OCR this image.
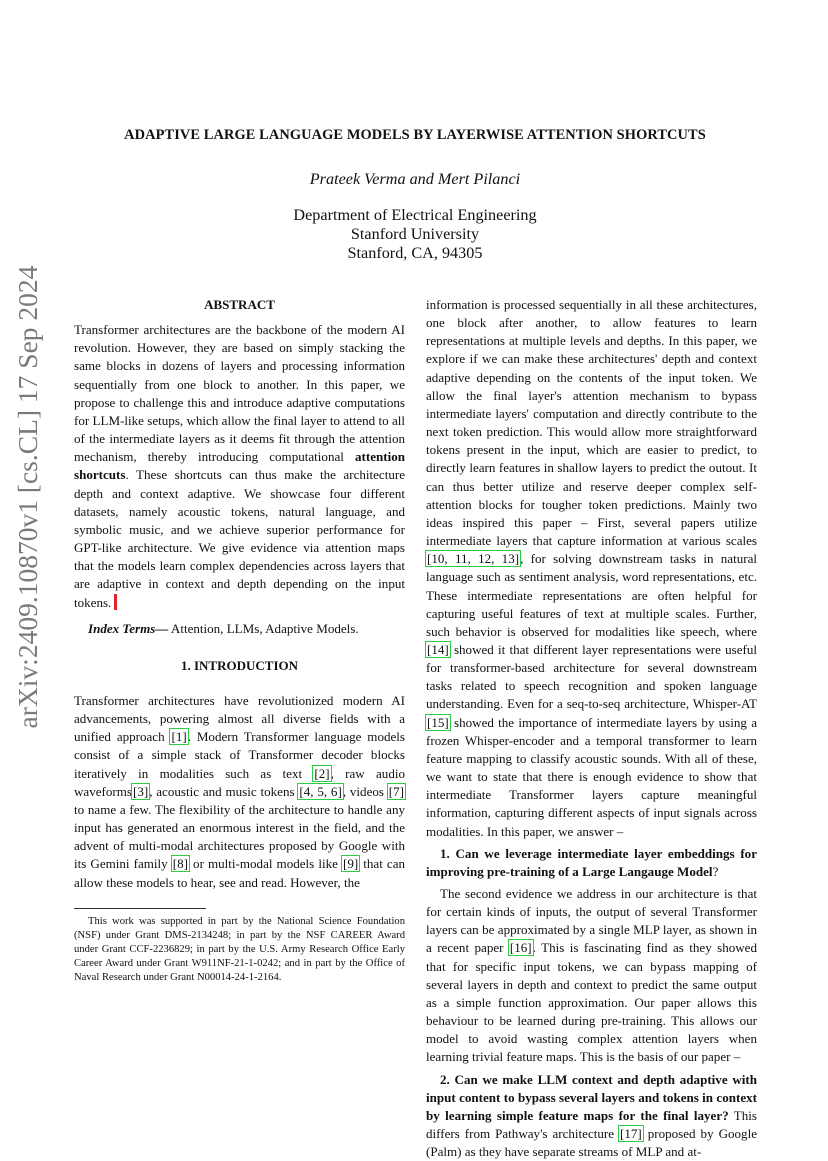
arXiv:2409.10870v1 [cs.CL] 17 Sep 2024
ADAPTIVE LARGE LANGUAGE MODELS BY LAYERWISE ATTENTION SHORTCUTS
Prateek Verma and Mert Pilanci
Department of Electrical Engineering
Stanford University
Stanford, CA, 94305
ABSTRACT

Transformer architectures are the backbone of the modern AI revolution. However, they are based on simply stacking the same blocks in dozens of layers and processing information sequentially from one block to another. In this paper, we propose to challenge this and introduce adaptive computations for LLM-like setups, which allow the final layer to attend to all of the intermediate layers as it deems fit through the attention mechanism, thereby introducing computational attention shortcuts. These shortcuts can thus make the architecture depth and context adaptive. We showcase four different datasets, namely acoustic tokens, natural language, and symbolic music, and we achieve superior performance for GPT-like architecture. We give evidence via attention maps that the models learn complex dependencies across layers that are adaptive in context and depth depending on the input tokens.

Index Terms— Attention, LLMs, Adaptive Models.

1. INTRODUCTION

Transformer architectures have revolutionized modern AI advancements, powering almost all diverse fields with a unified approach [1]. Modern Transformer language models consist of a simple stack of Transformer decoder blocks iteratively in modalities such as text [2], raw audio waveforms[3], acoustic and music tokens [4, 5, 6], videos [7] to name a few. The flexibility of the architecture to handle any input has generated an enormous interest in the field, and the advent of multi-modal architectures proposed by Google with its Gemini family [8] or multi-modal models like [9] that can allow these models to hear, see and read. However, the

This work was supported in part by the National Science Foundation (NSF) under Grant DMS-2134248; in part by the NSF CAREER Award under Grant CCF-2236829; in part by the U.S. Army Research Office Early Career Award under Grant W911NF-21-1-0242; and in part by the Office of Naval Research under Grant N00014-24-1-2164.

information is processed sequentially in all these architectures, one block after another, to allow features to learn representations at multiple levels and depths. In this paper, we explore if we can make these architectures' depth and context adaptive depending on the contents of the input token. We allow the final layer's attention mechanism to bypass intermediate layers' computation and directly contribute to the next token prediction. This would allow more straightforward tokens present in the input, which are easier to predict, to directly learn features in shallow layers to predict the outout. It can thus better utilize and reserve deeper complex self-attention blocks for tougher token predictions. Mainly two ideas inspired this paper – First, several papers utilize intermediate layers that capture information at various scales [10, 11, 12, 13], for solving downstream tasks in natural language such as sentiment analysis, word representations, etc. These intermediate representations are often helpful for capturing useful features of text at multiple scales. Further, such behavior is observed for modalities like speech, where [14] showed it that different layer representations were useful for transformer-based architecture for several downstream tasks related to speech recognition and spoken language understanding. Even for a seq-to-seq architecture, Whisper-AT [15] showed the importance of intermediate layers by using a frozen Whisper-encoder and a temporal transformer to learn feature mapping to classify acoustic sounds. With all of these, we want to state that there is enough evidence to show that intermediate Transformer layers capture meaningful information, capturing different aspects of input signals across modalities. In this paper, we answer –

1. Can we leverage intermediate layer embeddings for improving pre-training of a Large Langauge Model?

The second evidence we address in our architecture is that for certain kinds of inputs, the output of several Transformer layers can be approximated by a single MLP layer, as shown in a recent paper [16]. This is fascinating find as they showed that for specific input tokens, we can bypass mapping of several layers in depth and context to predict the same output as a simple function approximation. Our paper allows this behaviour to be learned during pre-training. This allows our model to avoid wasting complex attention layers when learning trivial feature maps. This is the basis of our paper –

2. Can we make LLM context and depth adaptive with input content to bypass several layers and tokens in context by learning simple feature maps for the final layer? This differs from Pathway's architecture [17] proposed by Google (Palm) as they have separate streams of MLP and at-
